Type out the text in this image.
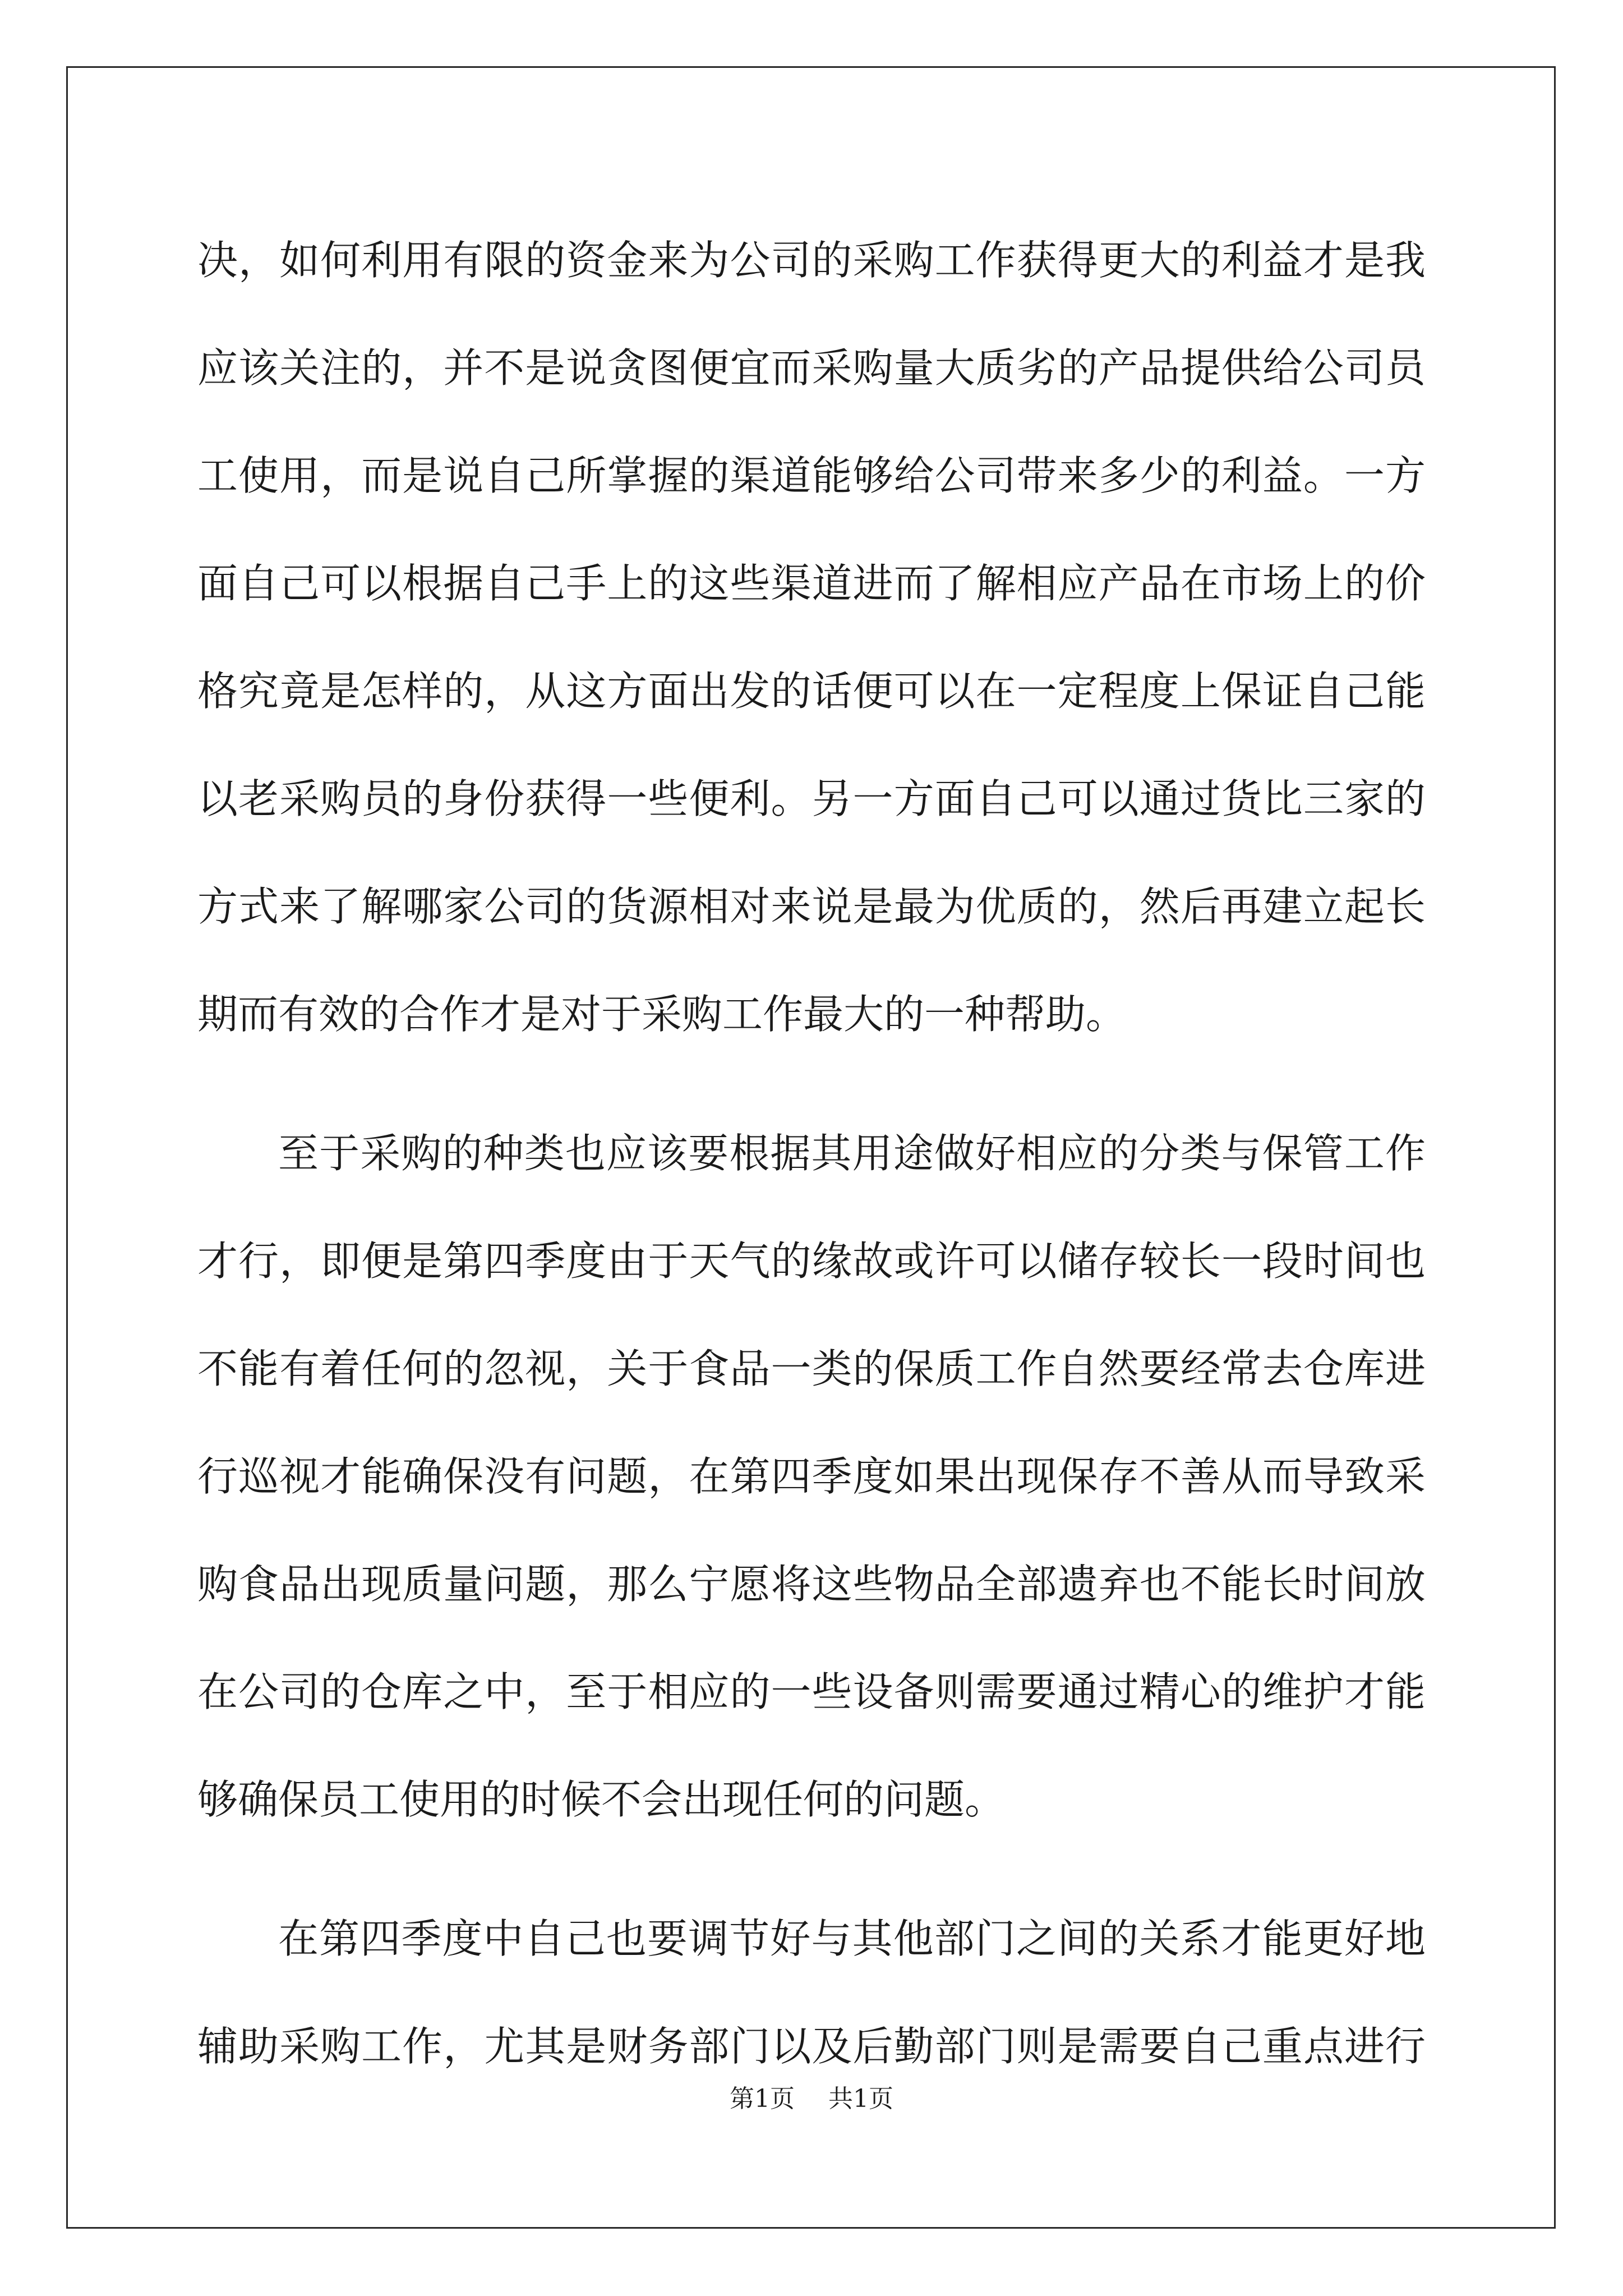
决，如何利用有限的资金来为公司的采购工作获得更大的利益才是我
应该关注的，并不是说贪图便宜而采购量大质劣的产品提供给公司员
工使用，而是说自己所掌握的渠道能够给公司带来多少的利益。一方
面自己可以根据自己手上的这些渠道进而了解相应产品在市场上的价
格究竟是怎样的，从这方面出发的话便可以在一定程度上保证自己能
以老采购员的身份获得一些便利。另一方面自己可以通过货比三家的
方式来了解哪家公司的货源相对来说是最为优质的，然后再建立起长
期而有效的合作才是对于采购工作最大的一种帮助。
至于采购的种类也应该要根据其用途做好相应的分类与保管工作
才行，即便是第四季度由于天气的缘故或许可以储存较长一段时间也
不能有着任何的忽视，关于食品一类的保质工作自然要经常去仓库进
行巡视才能确保没有问题，在第四季度如果出现保存不善从而导致采
购食品出现质量问题，那么宁愿将这些物品全部遗弃也不能长时间放
在公司的仓库之中，至于相应的一些设备则需要通过精心的维护才能
够确保员工使用的时候不会出现任何的问题。
在第四季度中自己也要调节好与其他部门之间的关系才能更好地
辅助采购工作，尤其是财务部门以及后勤部门则是需要自己重点进行
第1页 共1页
